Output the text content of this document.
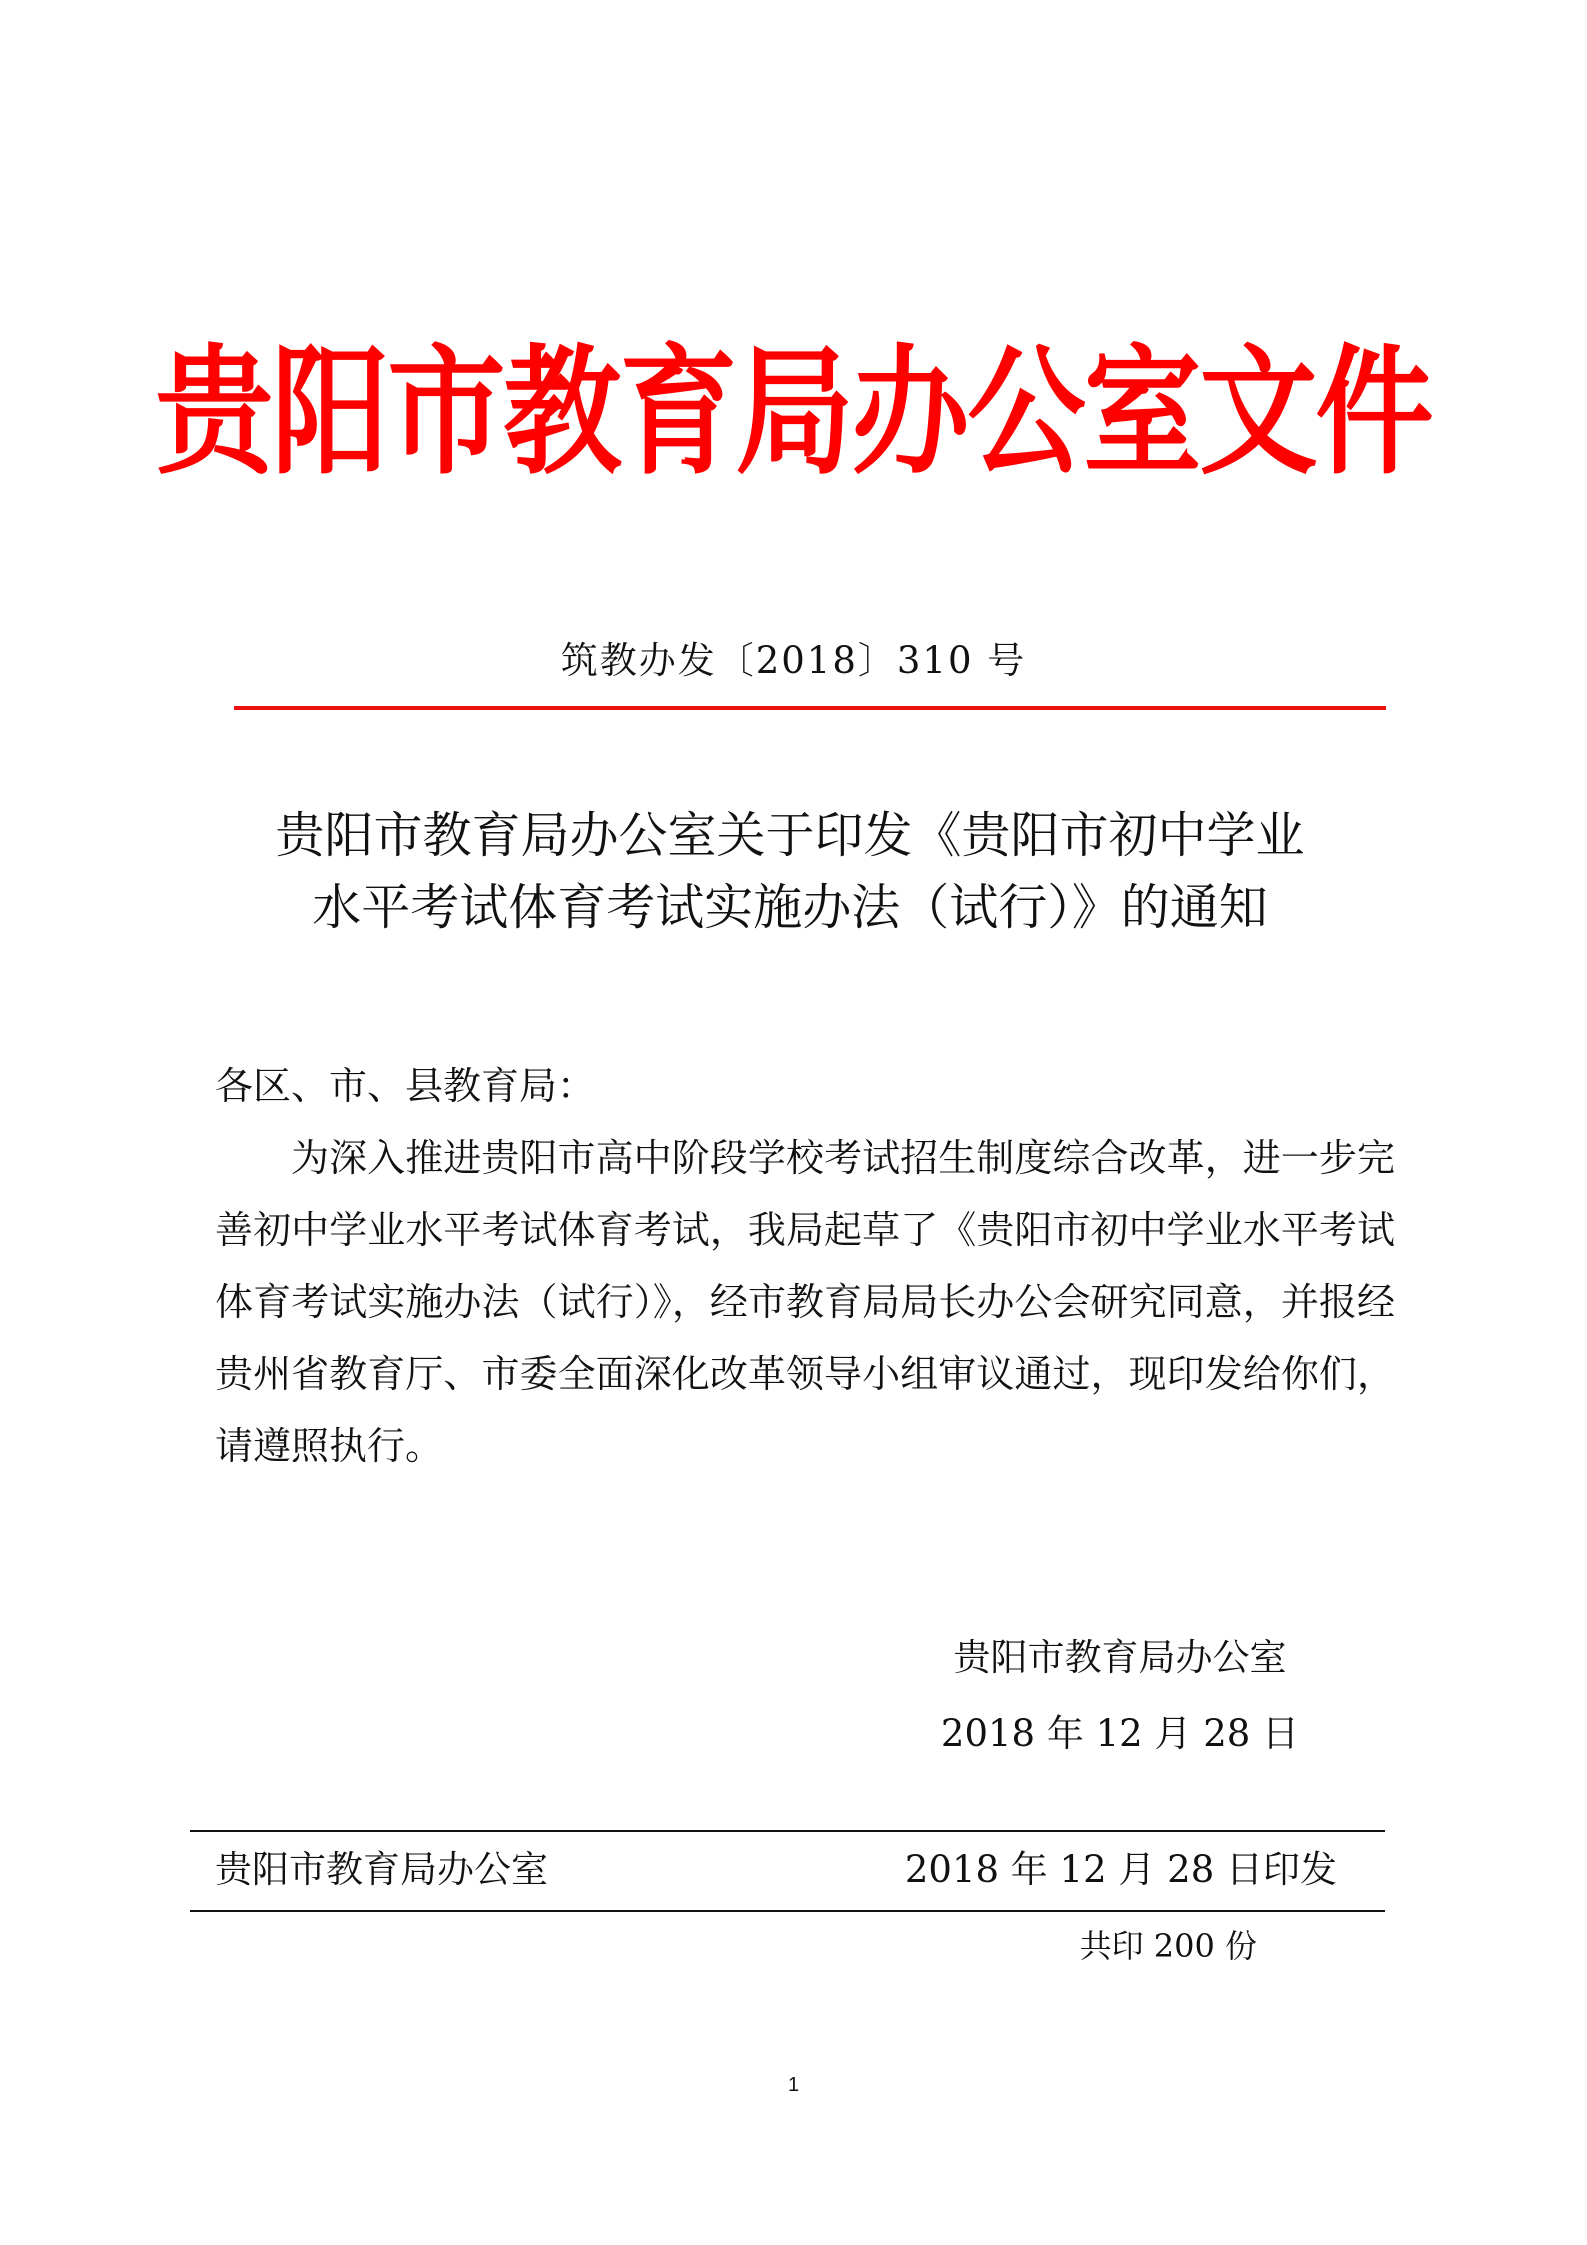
贵阳市教育局办公室文件
筑教办发〔2018〕310 号
贵阳市教育局办公室关于印发《贵阳市初中学业
水平考试体育考试实施办法（试行）》的通知

各区、市、县教育局：

为深入推进贵阳市高中阶段学校考试招生制度综合改革，进一步完善初中学业水平考试体育考试，我局起草了《贵阳市初中学业水平考试体育考试实施办法（试行）》，经市教育局局长办公会研究同意，并报经贵州省教育厅、市委全面深化改革领导小组审议通过，现印发给你们，请遵照执行。

贵阳市教育局办公室
2018 年 12 月 28 日
贵阳市教育局办公室	2018 年 12 月 28 日印发
共印 200 份
1
